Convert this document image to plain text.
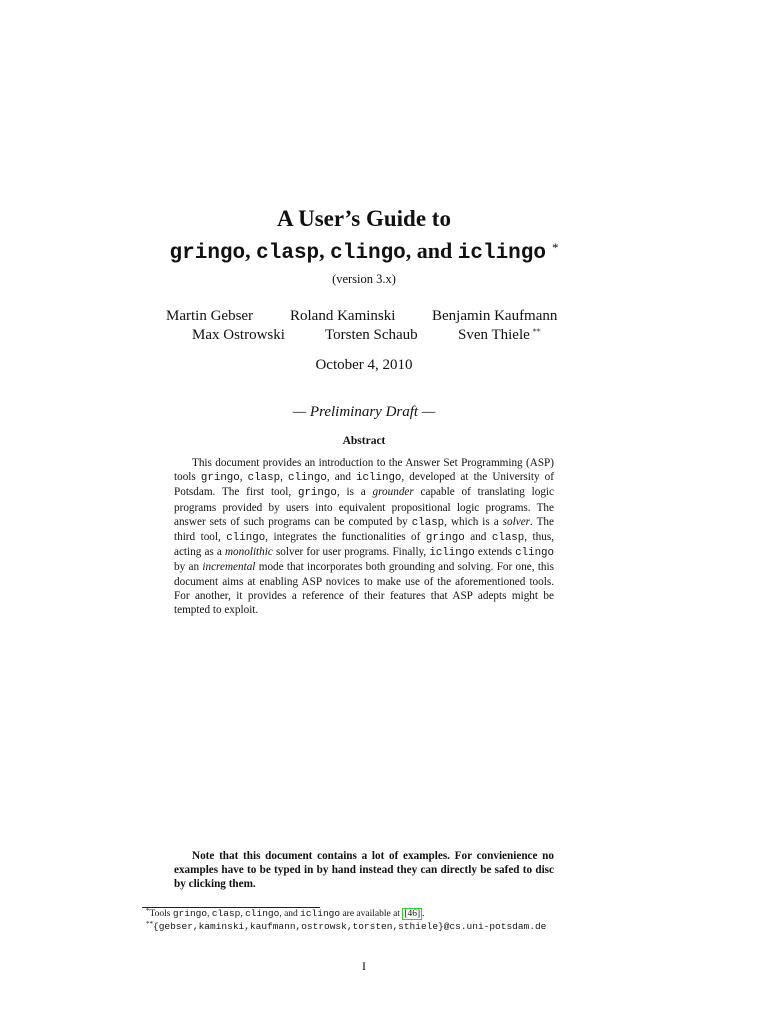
A User’s Guide to
gringo, clasp, clingo, and iclingo *
(version 3.x)
Martin Gebser Roland Kaminski Benjamin Kaufmann
Max Ostrowski	Torsten Schaub	Sven Thiele **
October 4, 2010
— Preliminary Draft —
Abstract

This document provides an introduction to the Answer Set Programming (ASP) tools gringo, clasp, clingo, and iclingo, developed at the University of Potsdam. The first tool, gringo, is a grounder capable of translating logic programs provided by users into equivalent propositional logic programs. The answer sets of such programs can be computed by clasp, which is a solver. The third tool, clingo, integrates the functionalities of gringo and clasp, thus, acting as a monolithic solver for user programs. Finally, iclingo extends clingo by an incremental mode that incorporates both grounding and solving. For one, this document aims at enabling ASP novices to make use of the aforementioned tools. For another, it provides a reference of their features that ASP adepts might be tempted to exploit.

Note that this document contains a lot of examples. For convienience no examples have to be typed in by hand instead they can directly be safed to disc by clicking them.

*Tools gringo, clasp, clingo, and iclingo are available at [46] .
**{gebser,kaminski,kaufmann,ostrowsk,torsten,sthiele}@cs.uni-potsdam.de
I
